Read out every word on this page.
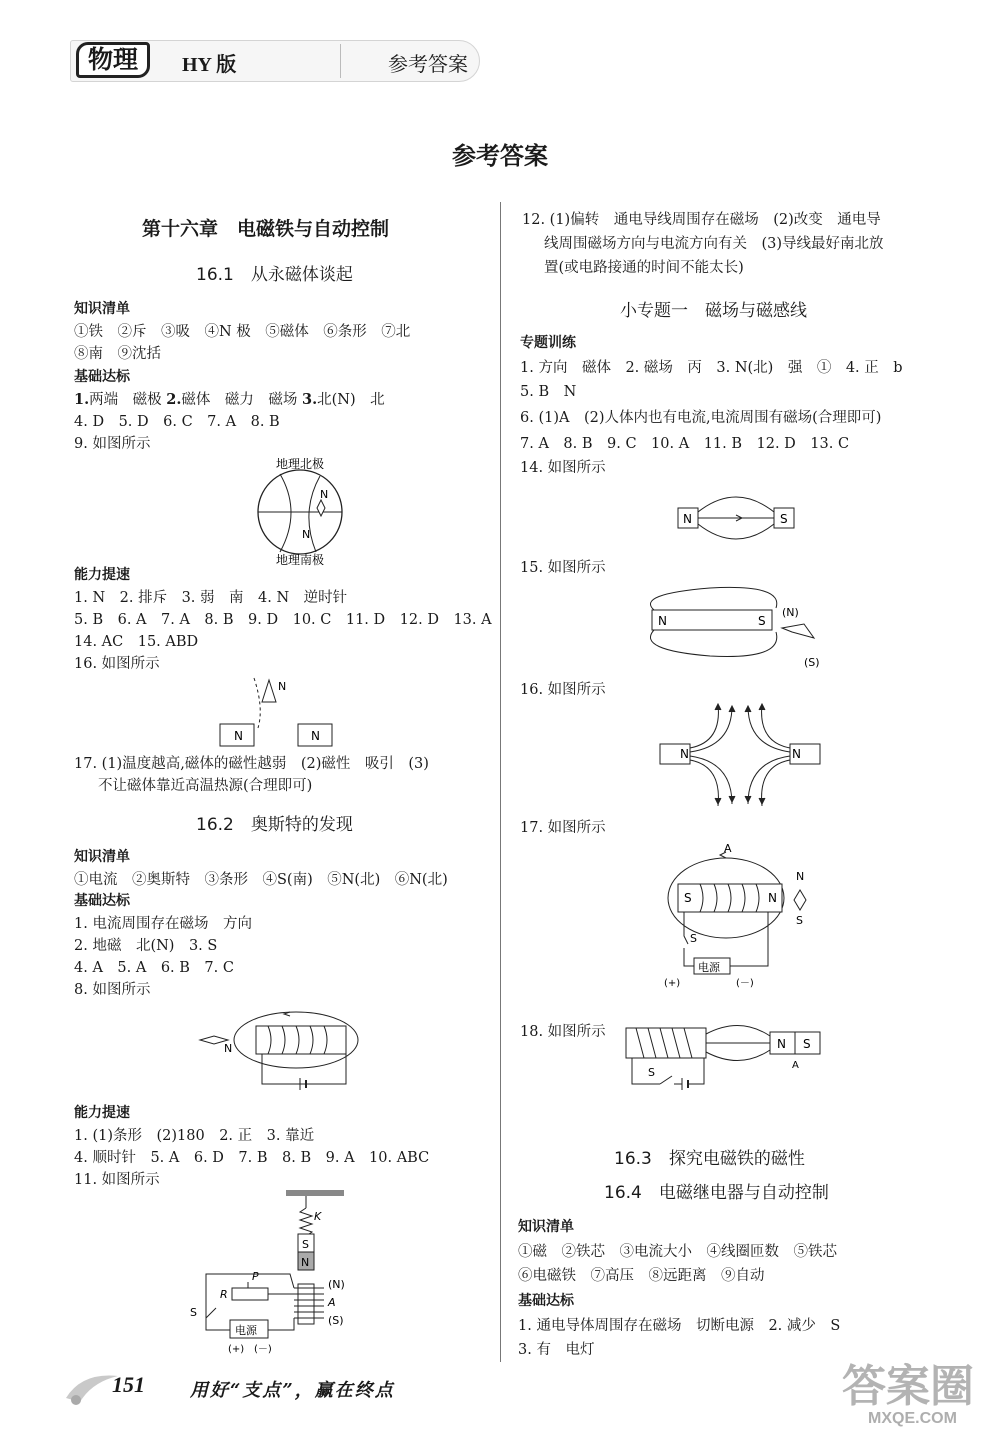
物理	HY 版	参考答案
参考答案
第十六章　电磁铁与自动控制
16.1　从永磁体谈起
知识清单
①铁　②斥　③吸　④N 极　⑤磁体　⑥条形　⑦北
⑧南　⑨沈括
基础达标
1.两端　磁极 2.磁体　磁力　磁场 3.北(N)　北
4. D　5. D　6. C　7. A　8. B
9. 如图所示
地理北极
N
N
地理南极
能力提速
1. N　2. 排斥　3. 弱　南　4. N　逆时针
5. B　6. A　7. A　8. B　9. D　10. C　11. D　12. D　13. A
14. AC　15. ABD
16. 如图所示
N
N	N
17. (1)温度越高,磁体的磁性越弱　(2)磁性　吸引　(3)
不让磁体靠近高温热源(合理即可)
16.2　奥斯特的发现
知识清单
①电流　②奥斯特　③条形　④S(南)　⑤N(北)　⑥N(北)
基础达标
1. 电流周围存在磁场　方向
2. 地磁　北(N)　3. S
4. A　5. A　6. B　7. C
8. 如图所示
N
能力提速
1. (1)条形　(2)180　2. 正　3. 靠近
4. 顺时针　5. A　6. D　7. B　8. B　9. A　10. ABC
11. 如图所示
K
S
N
(N)
A
(S)
R
P
S
电源
(+) (－)
12. (1)偏转　通电导线周围存在磁场　(2)改变　通电导
线周围磁场方向与电流方向有关　(3)导线最好南北放
置(或电路接通的时间不能太长)
小专题一　磁场与磁感线
专题训练
1. 方向　磁体　2. 磁场　丙　3. N(北)　强　①　4. 正　b
5. B　N
6. (1)A　(2)人体内也有电流,电流周围有磁场(合理即可)
7. A　8. B　9. C　10. A　11. B　12. D　13. C
14. 如图所示
N	S
15. 如图所示
N	S
(N)
(S)
16. 如图所示
N	N
17. 如图所示
A
S	N
N
S
S
电源
(+)	(－)
18. 如图所示
N S
A
S
16.3　探究电磁铁的磁性
16.4　电磁继电器与自动控制
知识清单
①磁　②铁芯　③电流大小　④线圈匝数　⑤铁芯
⑥电磁铁　⑦高压　⑧远距离　⑨自动
基础达标
1. 通电导体周围存在磁场　切断电源　2. 减少　S
3. 有　电灯
151	用好“支点”，赢在终点	答案圈
MXQE.COM
